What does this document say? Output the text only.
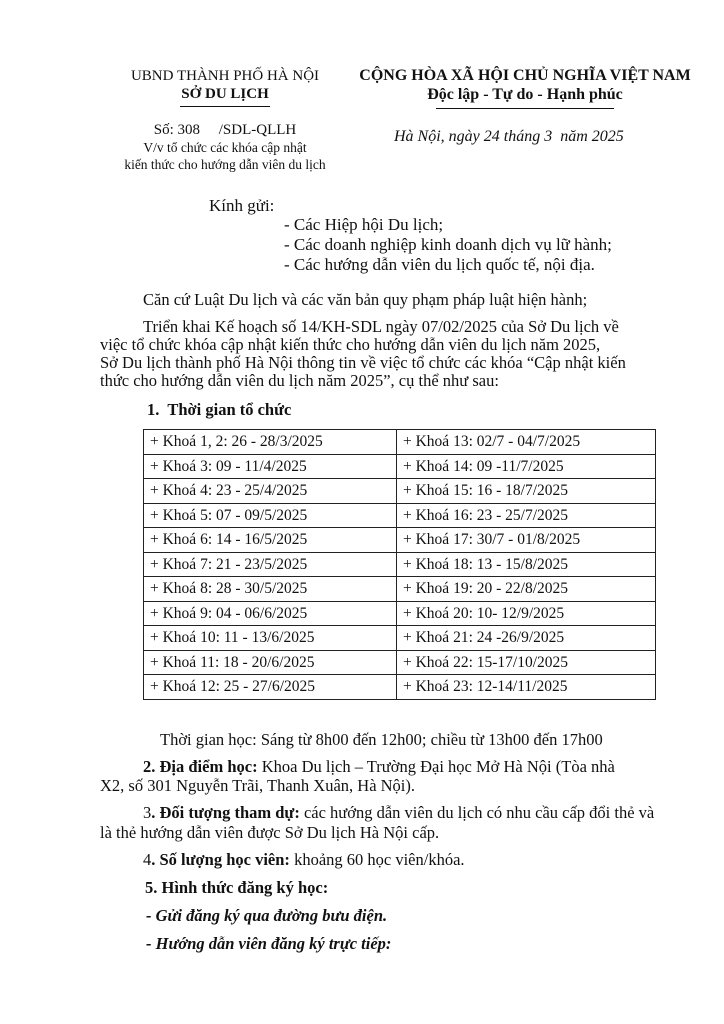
UBND THÀNH PHỐ HÀ NỘI
SỞ DU LỊCH
CỘNG HÒA XÃ HỘI CHỦ NGHĨA VIỆT NAM
Độc lập - Tự do - Hạnh phúc
Số: 308     /SDL-QLLH
V/v tổ chức các khóa cập nhật
kiến thức cho hướng dẫn viên du lịch
Hà Nội, ngày 24 tháng 3  năm 2025
Kính gửi:
- Các Hiệp hội Du lịch;
- Các doanh nghiệp kinh doanh dịch vụ lữ hành;
- Các hướng dẫn viên du lịch quốc tế, nội địa.
Căn cứ Luật Du lịch và các văn bản quy phạm pháp luật hiện hành;
Triển khai Kế hoạch số 14/KH-SDL ngày 07/02/2025 của Sở Du lịch về
việc tổ chức khóa cập nhật kiến thức cho hướng dẫn viên du lịch năm 2025,
Sở Du lịch thành phố Hà Nội thông tin về việc tổ chức các khóa “Cập nhật kiến
thức cho hướng dẫn viên du lịch năm 2025”, cụ thể như sau:
1.  Thời gian tổ chức
+ Khoá 1, 2: 26 - 28/3/2025	+ Khoá 13: 02/7 - 04/7/2025
+ Khoá 3: 09 - 11/4/2025	+ Khoá 14: 09 -11/7/2025
+ Khoá 4: 23 - 25/4/2025	+ Khoá 15: 16 - 18/7/2025
+ Khoá 5: 07 - 09/5/2025	+ Khoá 16: 23 - 25/7/2025
+ Khoá 6: 14 - 16/5/2025	+ Khoá 17: 30/7 - 01/8/2025
+ Khoá 7: 21 - 23/5/2025	+ Khoá 18: 13 - 15/8/2025
+ Khoá 8: 28 - 30/5/2025	+ Khoá 19: 20 - 22/8/2025
+ Khoá 9: 04 - 06/6/2025	+ Khoá 20: 10- 12/9/2025
+ Khoá 10: 11 - 13/6/2025	+ Khoá 21: 24 -26/9/2025
+ Khoá 11: 18 - 20/6/2025	+ Khoá 22: 15-17/10/2025
+ Khoá 12: 25 - 27/6/2025	+ Khoá 23: 12-14/11/2025
Thời gian học: Sáng từ 8h00 đến 12h00; chiều từ 13h00 đến 17h00
2. Địa điểm học: Khoa Du lịch – Trường Đại học Mở Hà Nội (Tòa nhà
X2, số 301 Nguyễn Trãi, Thanh Xuân, Hà Nội).
3. Đối tượng tham dự: các hướng dẫn viên du lịch có nhu cầu cấp đổi thẻ và
là thẻ hướng dẫn viên được Sở Du lịch Hà Nội cấp.
4. Số lượng học viên: khoảng 60 học viên/khóa.
5. Hình thức đăng ký học:
- Gửi đăng ký qua đường bưu điện.
- Hướng dẫn viên đăng ký trực tiếp:
